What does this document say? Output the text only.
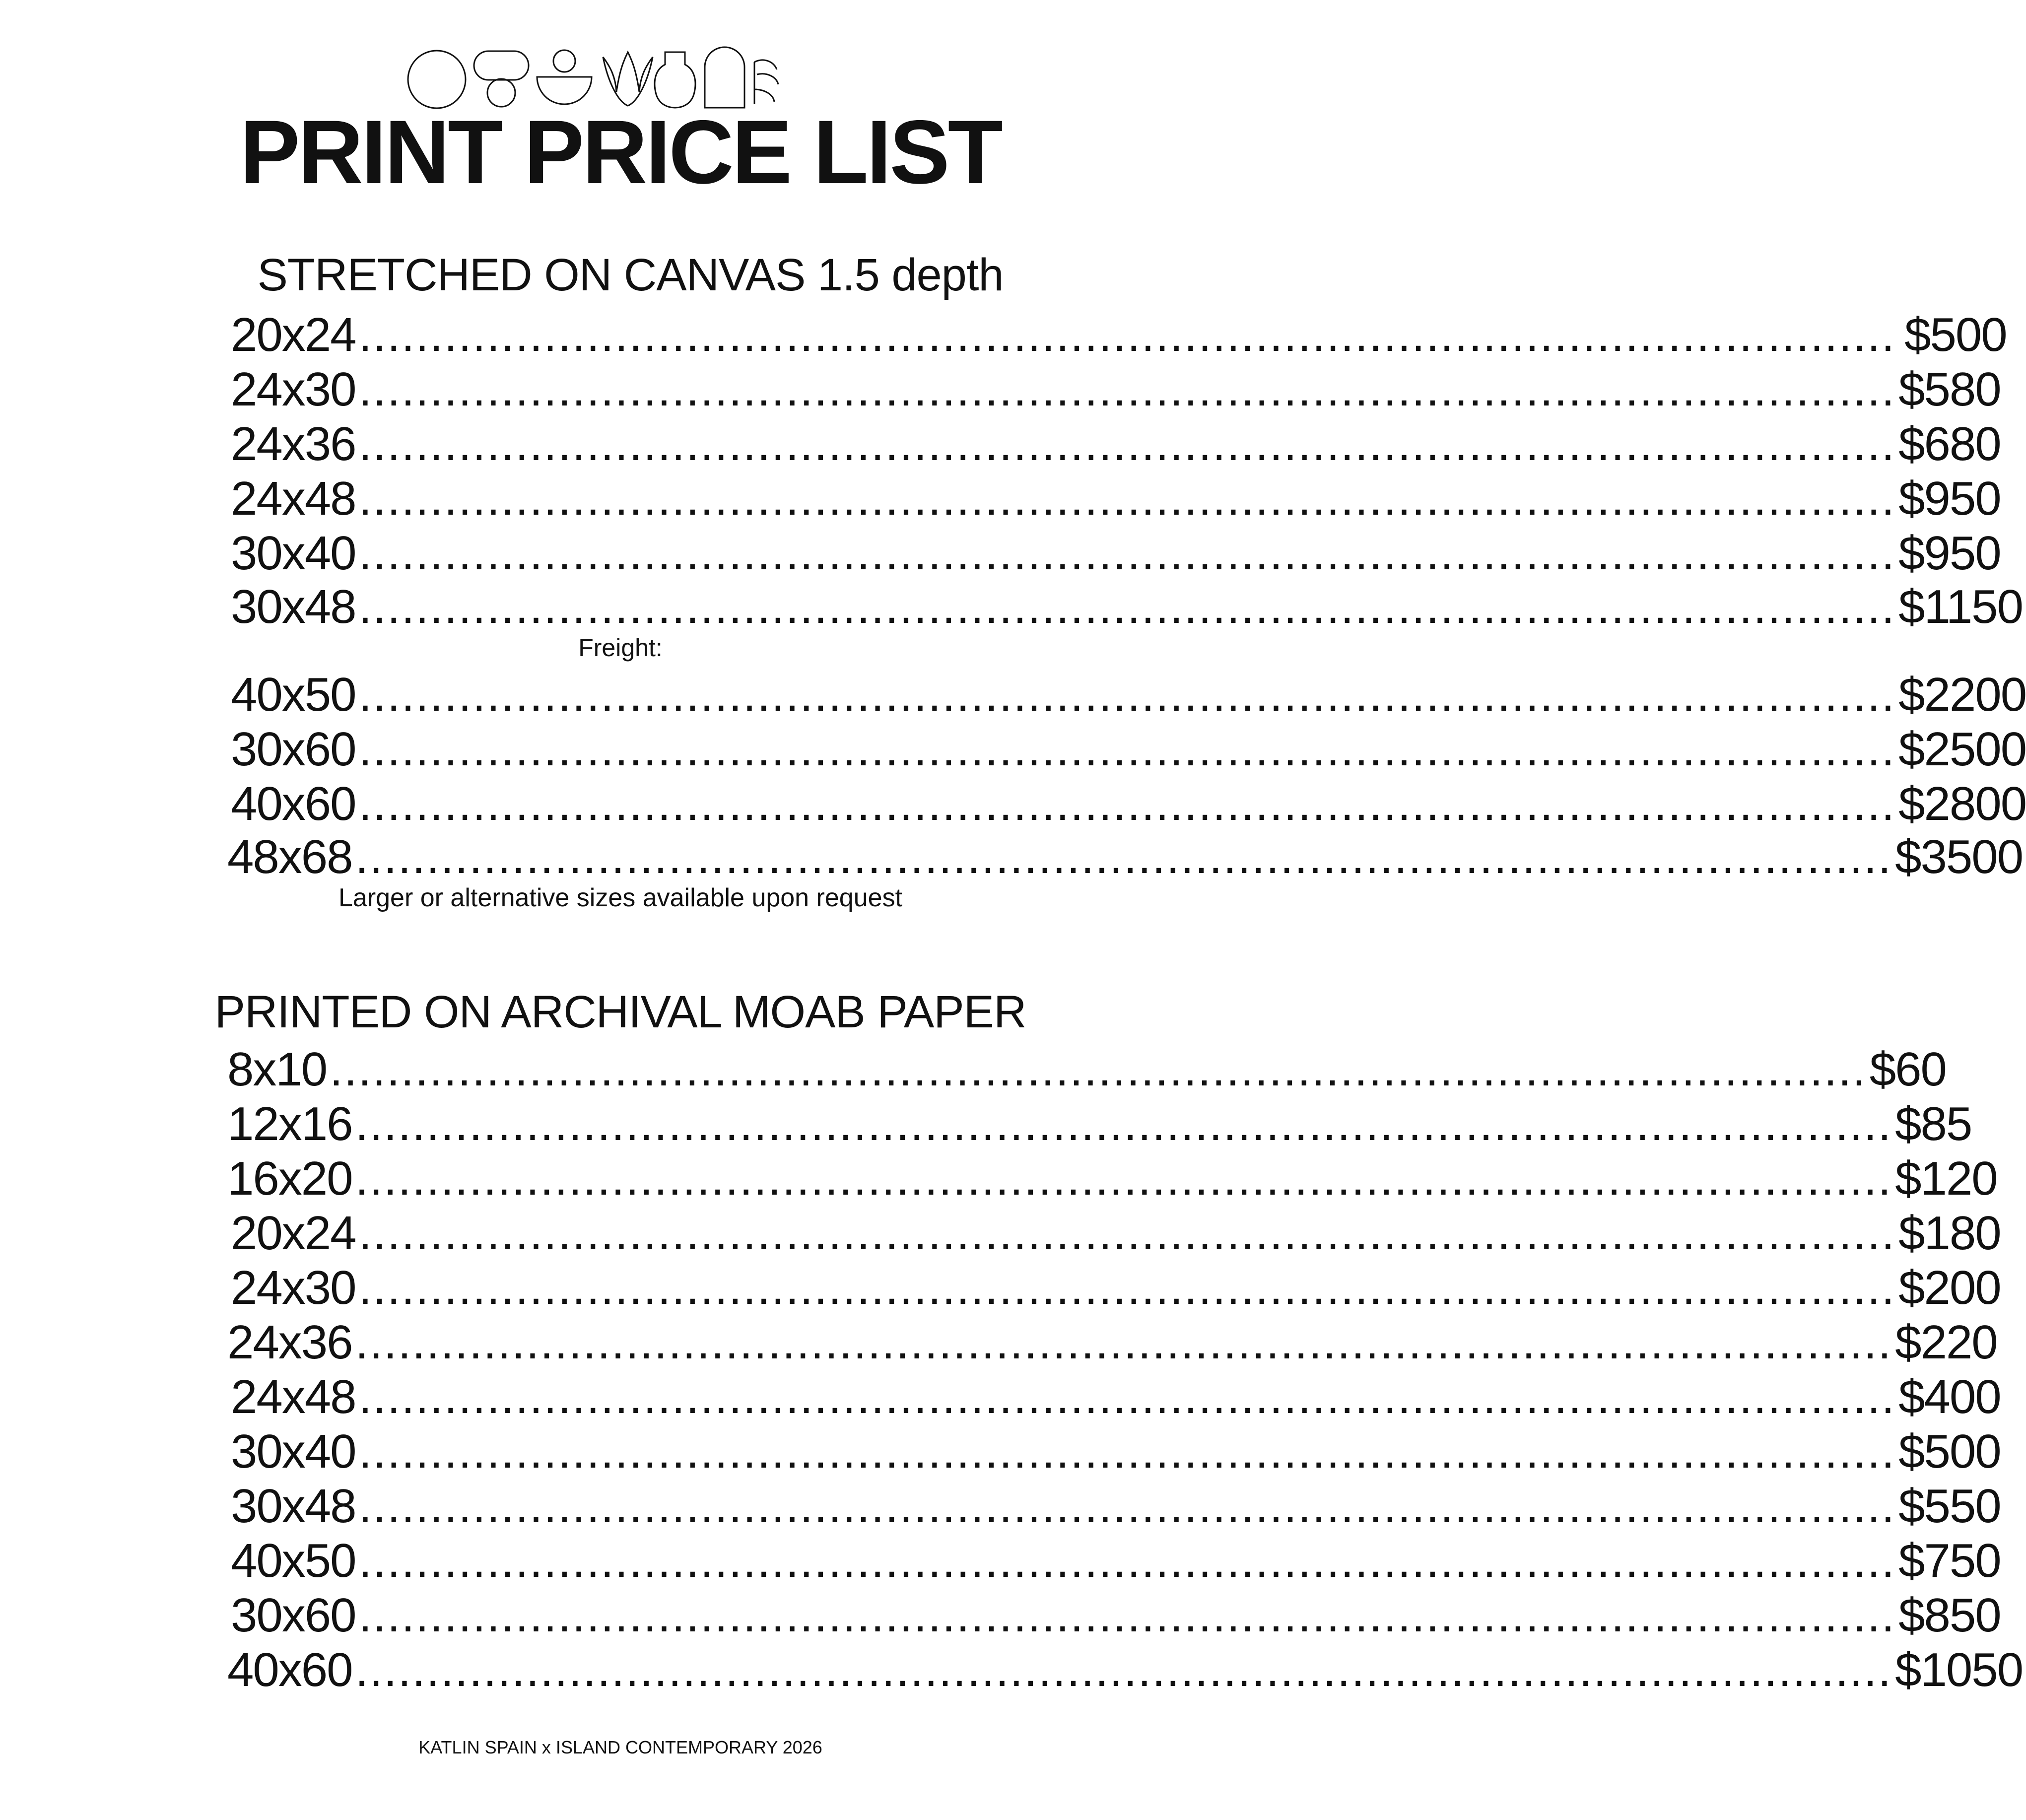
PRINT PRICE LIST
STRETCHED ON CANVAS 1.5 depth
20x24 ............................................................................................................ $500
24x30 ............................................................................................................ $580
24x36 ............................................................................................................ $680
24x48 ............................................................................................................ $950
30x40 ............................................................................................................ $950
30x48 ............................................................................................................ $1150
Freight:
40x50 ............................................................................................................ $2200
30x60 ............................................................................................................ $2500
40x60 ............................................................................................................ $2800
48x68 ............................................................................................................ $3500
Larger or alternative sizes available upon request
PRINTED ON ARCHIVAL MOAB PAPER
8x10 ............................................................................................................ $60
12x16 ............................................................................................................ $85
16x20 ............................................................................................................ $120
20x24 ............................................................................................................ $180
24x30 ............................................................................................................ $200
24x36 ............................................................................................................ $220
24x48 ............................................................................................................ $400
30x40 ............................................................................................................ $500
30x48 ............................................................................................................ $550
40x50 ............................................................................................................ $750
30x60 ............................................................................................................ $850
40x60 ............................................................................................................ $1050
KATLIN SPAIN x ISLAND CONTEMPORARY 2026
